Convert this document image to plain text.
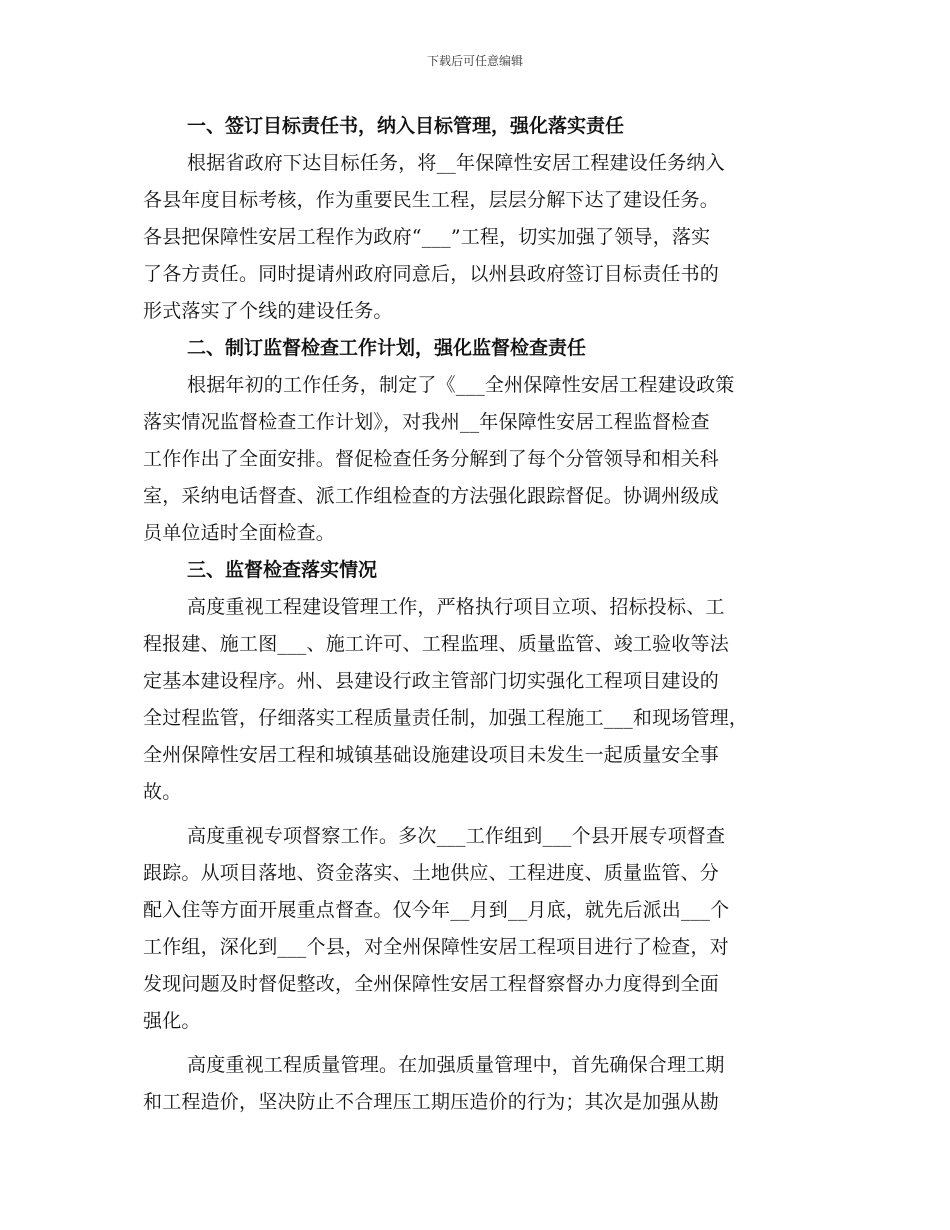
下载后可任意编辑
一、签订目标责任书，纳入目标管理，强化落实责任
根据省政府下达目标任务，将__年保障性安居工程建设任务纳入
各县年度目标考核，作为重要民生工程，层层分解下达了建设任务。
各县把保障性安居工程作为政府“___”工程，切实加强了领导，落实
了各方责任。同时提请州政府同意后，以州县政府签订目标责任书的
形式落实了个线的建设任务。
二、制订监督检查工作计划，强化监督检查责任
根据年初的工作任务，制定了《___全州保障性安居工程建设政策
落实情况监督检查工作计划》，对我州__年保障性安居工程监督检查
工作作出了全面安排。督促检查任务分解到了每个分管领导和相关科
室，采纳电话督查、派工作组检查的方法强化跟踪督促。协调州级成
员单位适时全面检查。
三、监督检查落实情况
高度重视工程建设管理工作，严格执行项目立项、招标投标、工
程报建、施工图___、施工许可、工程监理、质量监管、竣工验收等法
定基本建设程序。州、县建设行政主管部门切实强化工程项目建设的
全过程监管，仔细落实工程质量责任制，加强工程施工___和现场管理，
全州保障性安居工程和城镇基础设施建设项目未发生一起质量安全事
故。
高度重视专项督察工作。多次___工作组到___个县开展专项督查
跟踪。从项目落地、资金落实、土地供应、工程进度、质量监管、分
配入住等方面开展重点督查。仅今年__月到__月底，就先后派出___个
工作组，深化到___个县，对全州保障性安居工程项目进行了检查，对
发现问题及时督促整改，全州保障性安居工程督察督办力度得到全面
强化。
高度重视工程质量管理。在加强质量管理中，首先确保合理工期
和工程造价，坚决防止不合理压工期压造价的行为；其次是加强从勘
